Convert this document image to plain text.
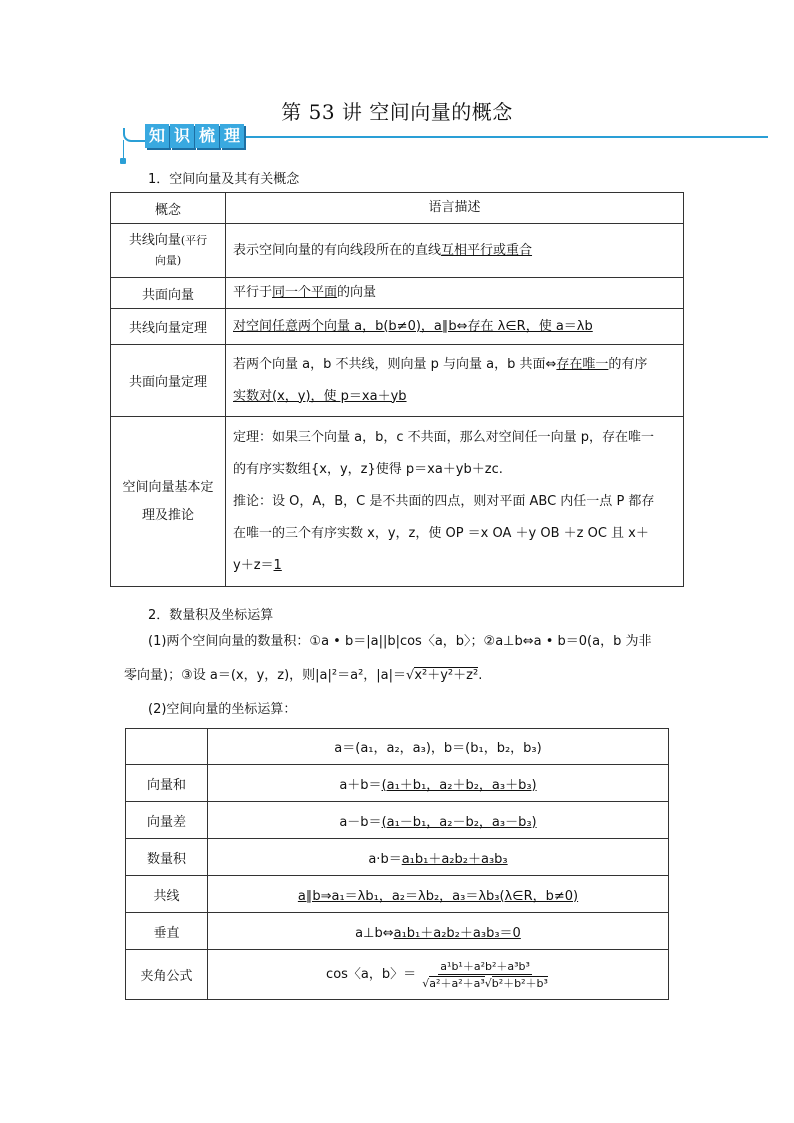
第 53 讲 空间向量的概念
知 识 梳 理
1．空间向量及其有关概念
概念	语言描述
共线向量(平行
向量)	表示空间向量的有向线段所在的直线互相平行或重合
共面向量	平行于同一个平面的向量
共线向量定理	对空间任意两个向量 a，b(b≠0)，a∥b⇔存在 λ∈R，使 a＝λb
共面向量定理	若两个向量 a，b 不共线，则向量 p 与向量 a，b 共面⇔存在唯一的有序
实数对(x，y)，使 p＝xa＋yb
空间向量基本定
理及推论	定理：如果三个向量 a，b，c 不共面，那么对空间任一向量 p，存在唯一
的有序实数组{x，y，z}使得 p＝xa＋yb＋zc.
推论：设 O，A，B，C 是不共面的四点，则对平面 ABC 内任一点 P 都存
在唯一的三个有序实数 x，y，z，使 OP ＝x OA ＋y OB ＋z OC 且 x＋
y＋z＝1
2．数量积及坐标运算
(1)两个空间向量的数量积：①a • b＝|a||b|cos〈a，b〉；②a⊥b⇔a • b＝0(a，b 为非
零向量)；③设 a＝(x，y，z)，则|a|²＝a²，|a|＝√x²＋y²＋z².
(2)空间向量的坐标运算：
	a＝(a₁，a₂，a₃)，b＝(b₁，b₂，b₃)
向量和	a＋b＝(a₁＋b₁，a₂＋b₂，a₃＋b₃)
向量差	a－b＝(a₁－b₁，a₂－b₂，a₃－b₃)
数量积	a·b＝a₁b₁＋a₂b₂＋a₃b₃
共线	a∥b⇒a₁＝λb₁，a₂＝λb₂，a₃＝λb₃(λ∈R，b≠0)
垂直	a⊥b⇔a₁b₁＋a₂b₂＋a₃b₃＝0
夹角公式	cos〈a，b〉＝ $\frac{\text{a¹b¹＋a²b²＋a³b³}}{\text{√a²＋a²＋a³√b²＋b²＋b³}}$
